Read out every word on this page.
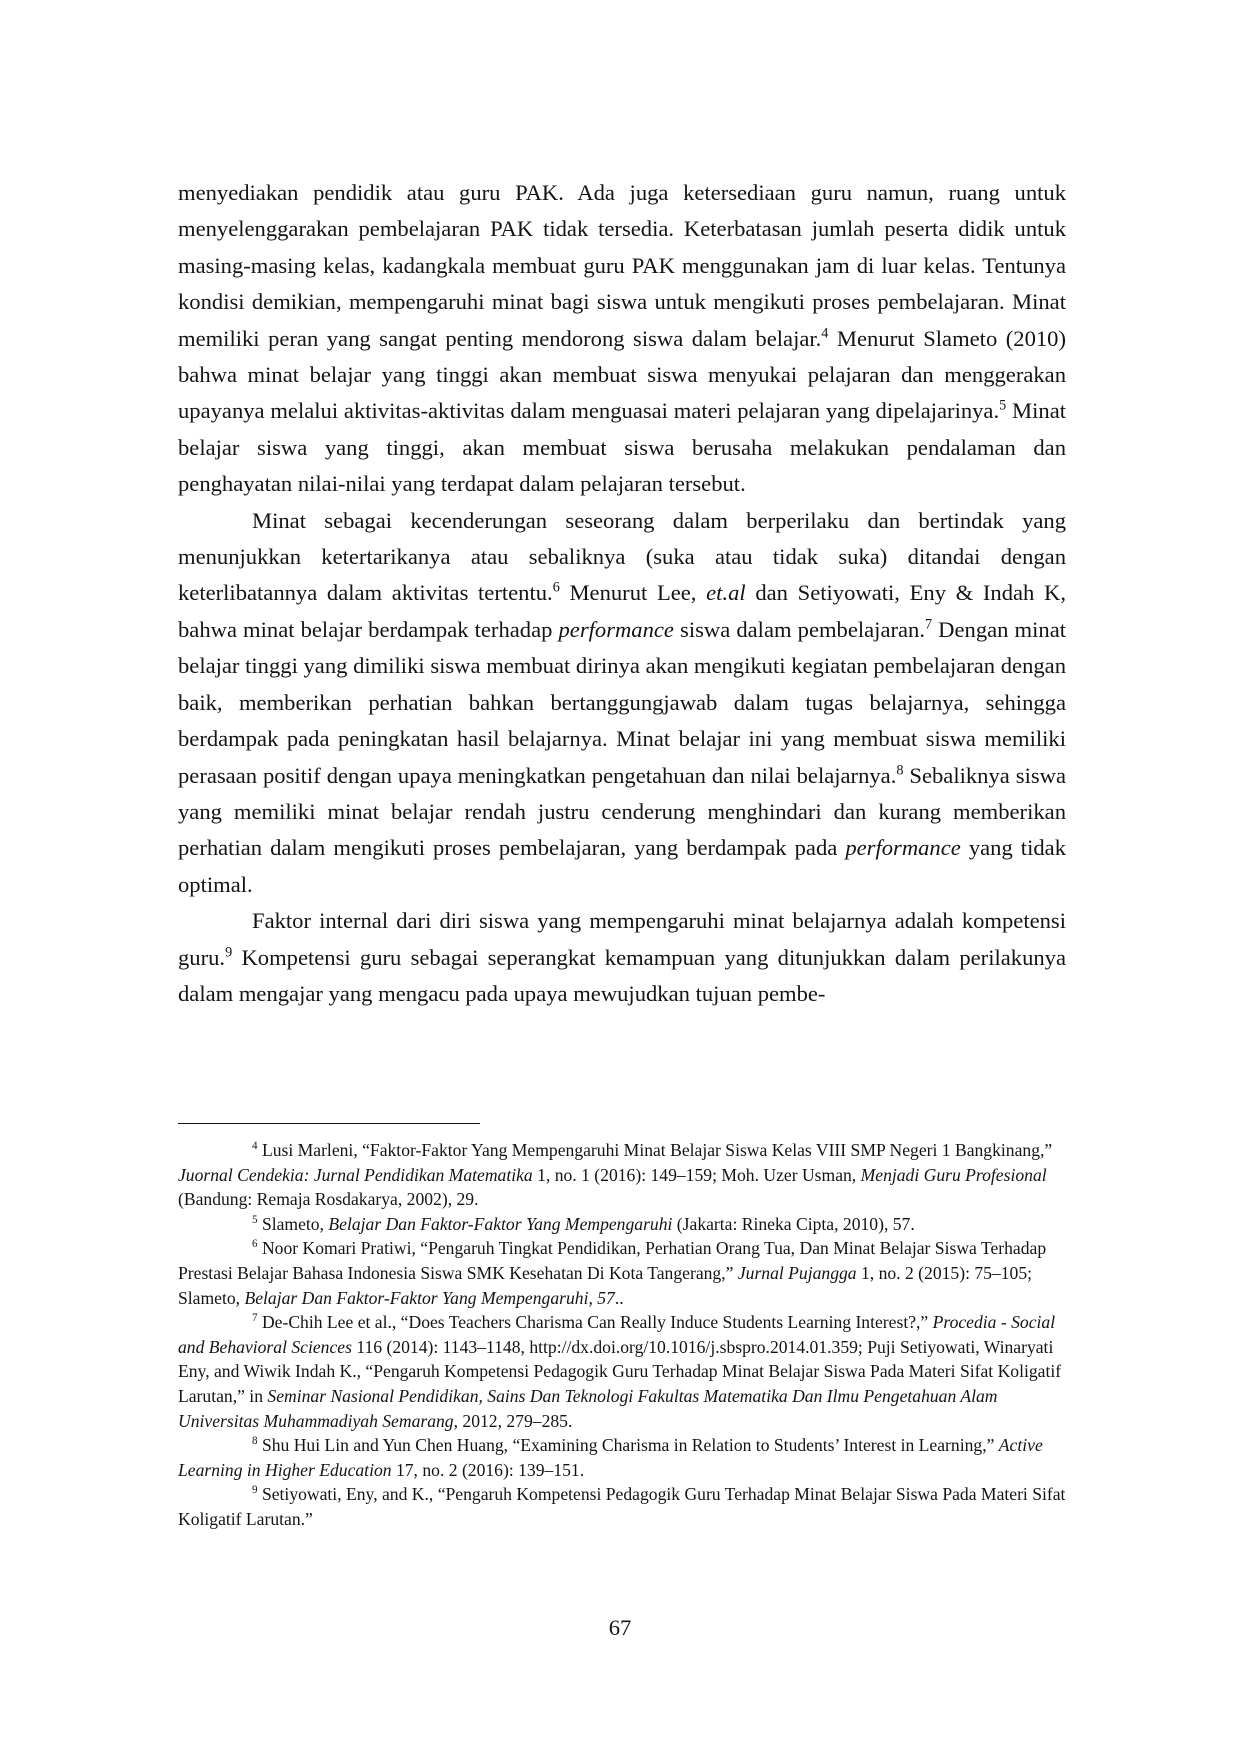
menyediakan pendidik atau guru PAK. Ada juga ketersediaan guru namun, ruang untuk menyelenggarakan pembelajaran PAK tidak tersedia. Keterbatasan jumlah peserta didik untuk masing-masing kelas, kadangkala membuat guru PAK menggunakan jam di luar kelas. Tentunya kondisi demikian, mempengaruhi minat bagi siswa untuk mengikuti proses pembelajaran. Minat memiliki peran yang sangat penting mendorong siswa dalam belajar.$^4$ Menurut Slameto (2010) bahwa minat belajar yang tinggi akan membuat siswa menyukai pelajaran dan menggerakan upayanya melalui aktivitas-aktivitas dalam menguasai materi pelajaran yang dipelajarinya.$^5$ Minat belajar siswa yang tinggi, akan membuat siswa berusaha melakukan pendalaman dan penghayatan nilai-nilai yang terdapat dalam pelajaran tersebut.

Minat sebagai kecenderungan seseorang dalam berperilaku dan bertindak yang menunjukkan ketertarikanya atau sebaliknya (suka atau tidak suka) ditandai dengan keterlibatannya dalam aktivitas tertentu.$^6$ Menurut Lee, et.al dan Setiyowati, Eny & Indah K, bahwa minat belajar berdampak terhadap performance siswa dalam pembelajaran.$^7$ Dengan minat belajar tinggi yang dimiliki siswa membuat dirinya akan mengikuti kegiatan pembelajaran dengan baik, memberikan perhatian bahkan bertanggungjawab dalam tugas belajarnya, sehingga berdampak pada peningkatan hasil belajarnya. Minat belajar ini yang membuat siswa memiliki perasaan positif dengan upaya meningkatkan pengetahuan dan nilai belajarnya.$^8$ Sebaliknya siswa yang memiliki minat belajar rendah justru cenderung menghindari dan kurang memberikan perhatian dalam mengikuti proses pembelajaran, yang berdampak pada performance yang tidak optimal.

Faktor internal dari diri siswa yang mempengaruhi minat belajarnya adalah kompetensi guru.$^9$ Kompetensi guru sebagai seperangkat kemampuan yang ditunjukkan dalam perilakunya dalam mengajar yang mengacu pada upaya mewujudkan tujuan pembe-

$^4$ Lusi Marleni, “Faktor-Faktor Yang Mempengaruhi Minat Belajar Siswa Kelas VIII SMP Negeri 1 Bangkinang,” Juornal Cendekia: Jurnal Pendidikan Matematika 1, no. 1 (2016): 149–159; Moh. Uzer Usman, Menjadi Guru Profesional (Bandung: Remaja Rosdakarya, 2002), 29.

$^5$ Slameto, Belajar Dan Faktor-Faktor Yang Mempengaruhi (Jakarta: Rineka Cipta, 2010), 57.

$^6$ Noor Komari Pratiwi, “Pengaruh Tingkat Pendidikan, Perhatian Orang Tua, Dan Minat Belajar Siswa Terhadap Prestasi Belajar Bahasa Indonesia Siswa SMK Kesehatan Di Kota Tangerang,” Jurnal Pujangga 1, no. 2 (2015): 75–105; Slameto, Belajar Dan Faktor-Faktor Yang Mempengaruhi, 57..

$^7$ De-Chih Lee et al., “Does Teachers Charisma Can Really Induce Students Learning Interest?,” Procedia - Social and Behavioral Sciences 116 (2014): 1143–1148, http://dx.doi.org/10.1016/j.sbspro.2014.01.359; Puji Setiyowati, Winaryati Eny, and Wiwik Indah K., “Pengaruh Kompetensi Pedagogik Guru Terhadap Minat Belajar Siswa Pada Materi Sifat Koligatif Larutan,” in Seminar Nasional Pendidikan, Sains Dan Teknologi Fakultas Matematika Dan Ilmu Pengetahuan Alam Universitas Muhammadiyah Semarang, 2012, 279–285.

$^8$ Shu Hui Lin and Yun Chen Huang, “Examining Charisma in Relation to Students’ Interest in Learning,” Active Learning in Higher Education 17, no. 2 (2016): 139–151.

$^9$ Setiyowati, Eny, and K., “Pengaruh Kompetensi Pedagogik Guru Terhadap Minat Belajar Siswa Pada Materi Sifat Koligatif Larutan.”

67
